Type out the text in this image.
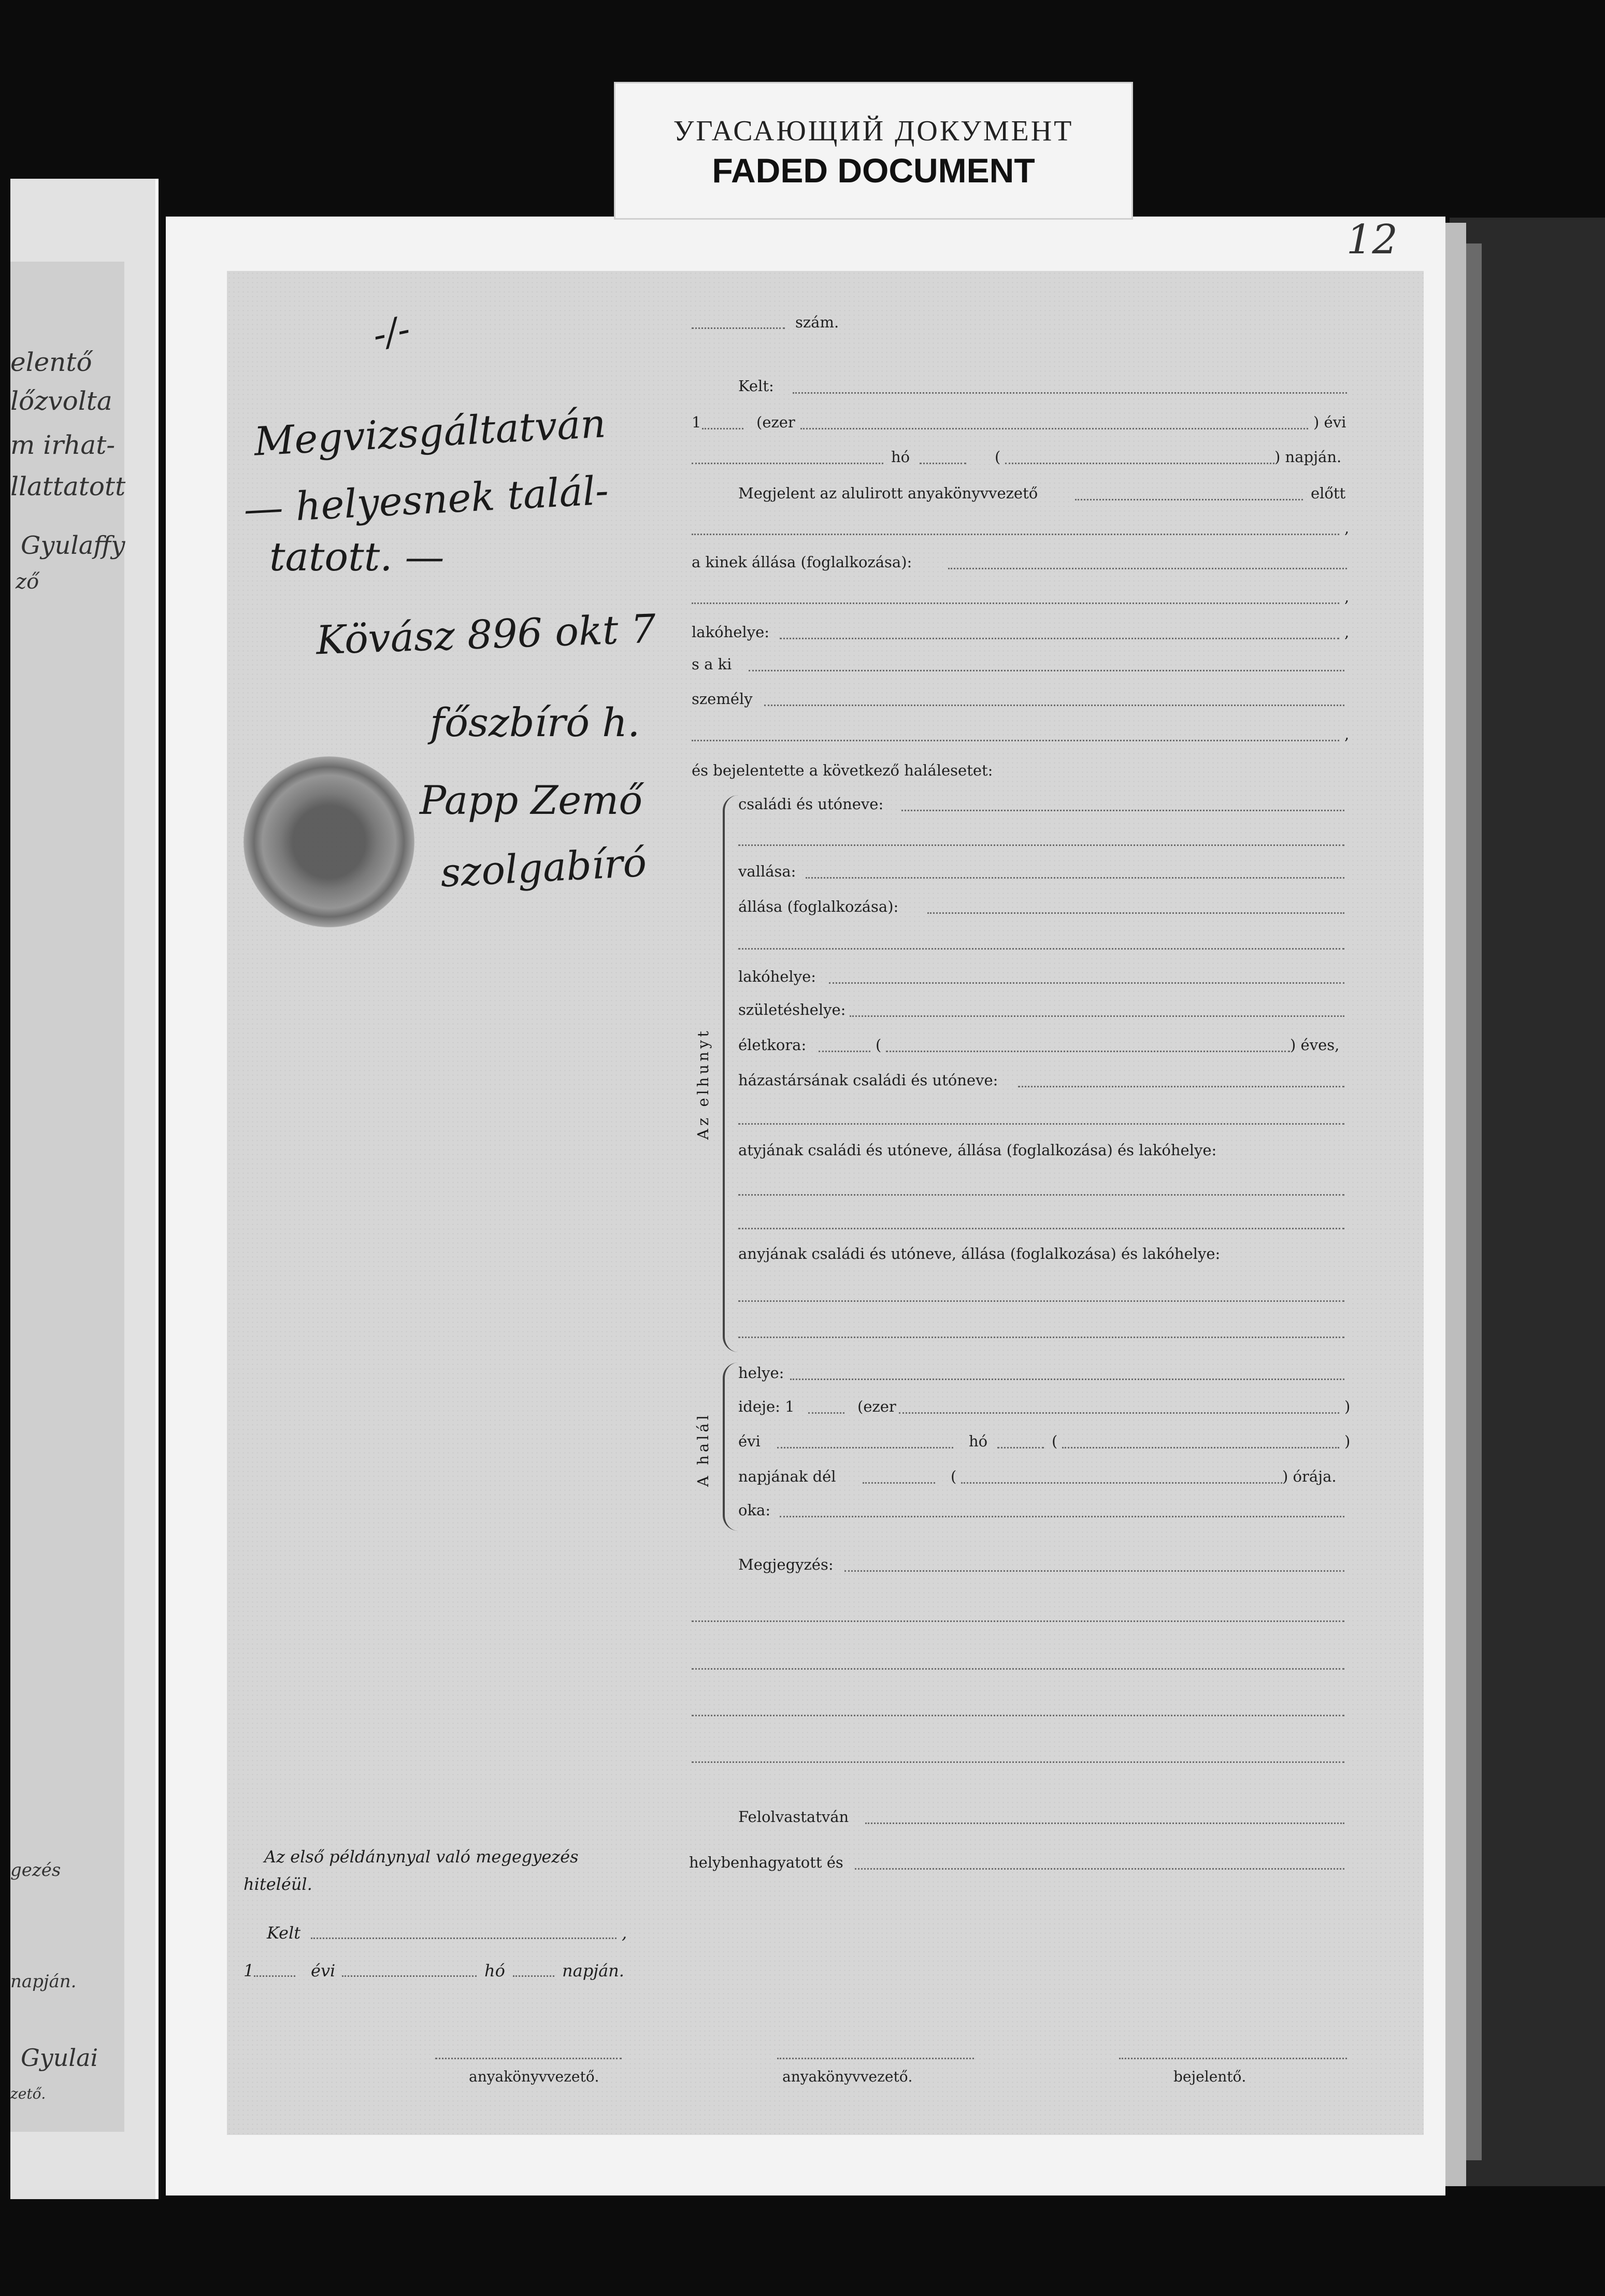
elentő
lőzvolta
m irhat-
llattatott
Gyulaffy
ző
gezés
napján.
Gyulai
zető.
12
УГАСАЮЩИЙ ДОКУМЕНТ
FADED DOCUMENT
-/-
Megvizsgáltatván
— helyesnek talál-
tatott. —
Kövász 896 okt 7
főszbíró h.
Papp Zemő
szolgabíró
szám.
Kelt:
1	(ezer	) évi
hó	(	) napján.
Megjelent az alulirott anyakönyvvezető	előtt
,
a kinek állása (foglalkozása):
,
lakóhelye:	,
s a ki
személy
,
és bejelentette a következő halálesetet:
Az elhunyt
családi és utóneve:
vallása:
állása (foglalkozása):
lakóhelye:
születéshelye:
életkora:	(	) éves,
házastársának családi és utóneve:
atyjának családi és utóneve, állása (foglalkozása) és lakóhelye:
anyjának családi és utóneve, állása (foglalkozása) és lakóhelye:
A halál
helye:
ideje: 1	(ezer	)
évi	hó	(	)
napjának dél	(	) órája.
oka:
Megjegyzés:
Felolvastatván
helybenhagyatott és
Az első példánynyal való megegyezés
hiteléül.
Kelt	,
1	évi	hó	napján.
anyakönyvvezető.	anyakönyvvezető.	bejelentő.
